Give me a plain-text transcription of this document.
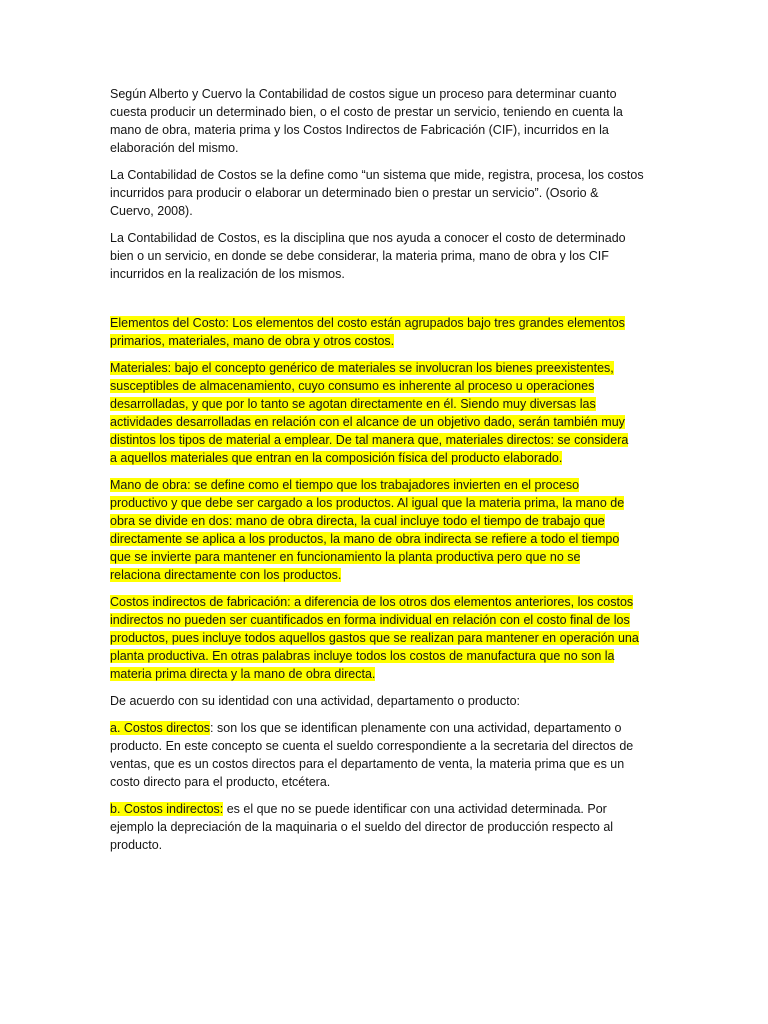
Según Alberto y Cuervo la Contabilidad de costos sigue un proceso para determinar cuanto
cuesta producir un determinado bien, o el costo de prestar un servicio, teniendo en cuenta la
mano de obra, materia prima y los Costos Indirectos de Fabricación (CIF), incurridos en la
elaboración del mismo.

La Contabilidad de Costos se la define como “un sistema que mide, registra, procesa, los costos
incurridos para producir o elaborar un determinado bien o prestar un servicio”. (Osorio &
Cuervo, 2008).

La Contabilidad de Costos, es la disciplina que nos ayuda a conocer el costo de determinado
bien o un servicio, en donde se debe considerar, la materia prima, mano de obra y los CIF
incurridos en la realización de los mismos.

Elementos del Costo: Los elementos del costo están agrupados bajo tres grandes elementos
primarios, materiales, mano de obra y otros costos.

Materiales: bajo el concepto genérico de materiales se involucran los bienes preexistentes,
susceptibles de almacenamiento, cuyo consumo es inherente al proceso u operaciones
desarrolladas, y que por lo tanto se agotan directamente en él. Siendo muy diversas las
actividades desarrolladas en relación con el alcance de un objetivo dado, serán también muy
distintos los tipos de material a emplear. De tal manera que, materiales directos: se considera
a aquellos materiales que entran en la composición física del producto elaborado.

Mano de obra: se define como el tiempo que los trabajadores invierten en el proceso
productivo y que debe ser cargado a los productos. Al igual que la materia prima, la mano de
obra se divide en dos: mano de obra directa, la cual incluye todo el tiempo de trabajo que
directamente se aplica a los productos, la mano de obra indirecta se refiere a todo el tiempo
que se invierte para mantener en funcionamiento la planta productiva pero que no se
relaciona directamente con los productos.

Costos indirectos de fabricación: a diferencia de los otros dos elementos anteriores, los costos
indirectos no pueden ser cuantificados en forma individual en relación con el costo final de los
productos, pues incluye todos aquellos gastos que se realizan para mantener en operación una
planta productiva. En otras palabras incluye todos los costos de manufactura que no son la
materia prima directa y la mano de obra directa.

De acuerdo con su identidad con una actividad, departamento o producto:

a. Costos directos: son los que se identifican plenamente con una actividad, departamento o
producto. En este concepto se cuenta el sueldo correspondiente a la secretaria del directos de
ventas, que es un costos directos para el departamento de venta, la materia prima que es un
costo directo para el producto, etcétera.

b. Costos indirectos: es el que no se puede identificar con una actividad determinada. Por
ejemplo la depreciación de la maquinaria o el sueldo del director de producción respecto al
producto.
